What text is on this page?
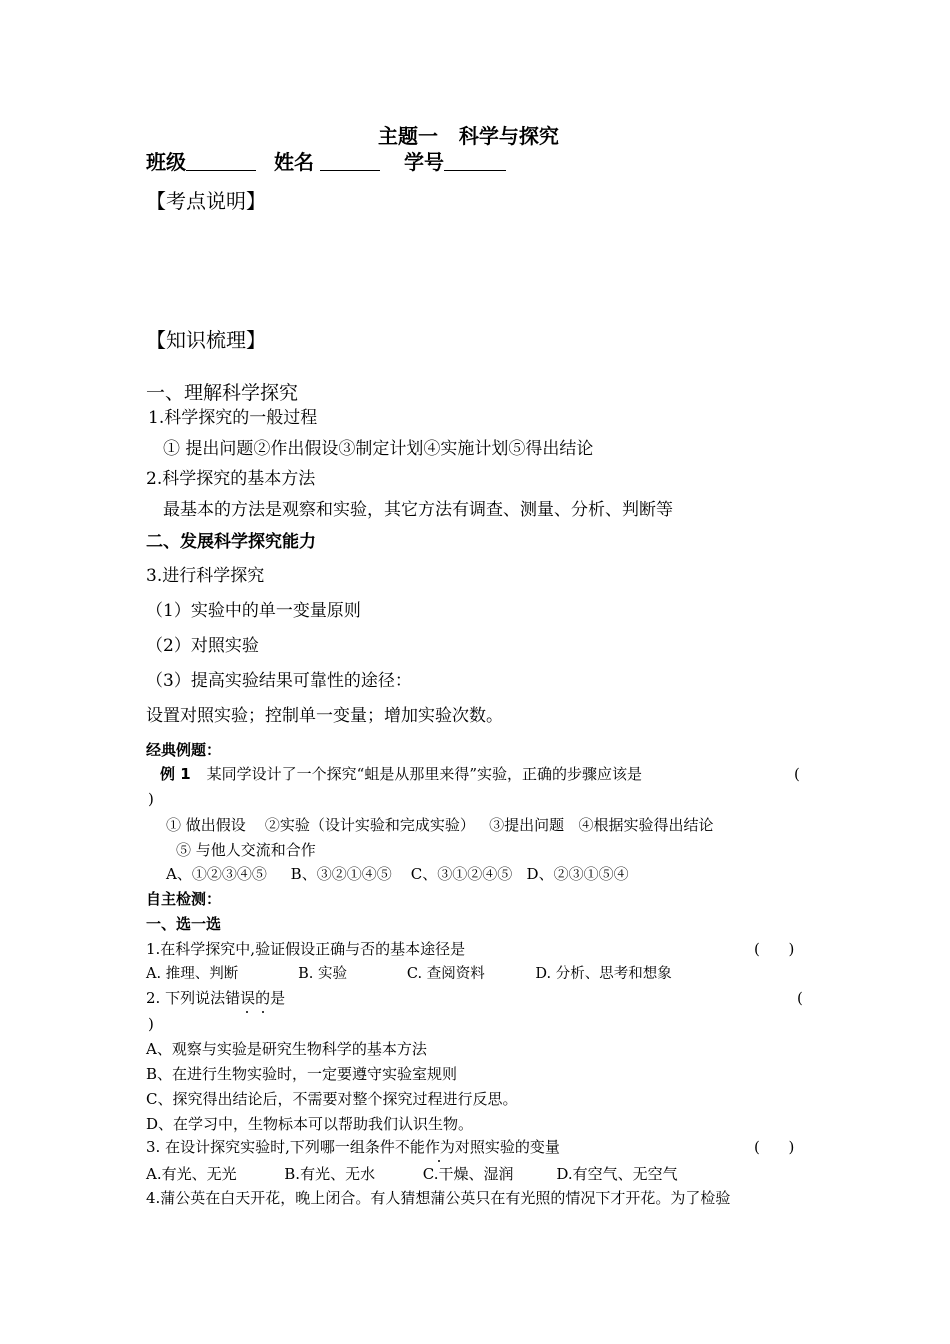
主题一   科学与探究
班级	姓名	学号
【考点说明】
【知识梳理】
一、理解科学探究
1.科学探究的一般过程
① 提出问题②作出假设③制定计划④实施计划⑤得出结论
2.科学探究的基本方法
最基本的方法是观察和实验，其它方法有调查、测量、分析、判断等
二、发展科学探究能力
3.进行科学探究
（1）实验中的单一变量原则
（2）对照实验
（3）提高实验结果可靠性的途径：
设置对照实验；控制单一变量；增加实验次数。
经典例题：
例 1 某同学设计了一个探究“蛆是从那里来得”实验，正确的步骤应该是	(
)
① 做出假设    ②实验（设计实验和完成实验）   ③提出问题   ④根据实验得出结论
⑤ 与他人交流和合作
A、①②③④⑤     B、③②①④⑤    C、③①②④⑤   D、②③①⑤④
自主检测：
一、选一选
1.在科学探究中,验证假设正确与否的基本途径是	(      )
A. 推理、判断             B. 实验             C. 查阅资料           D. 分析、思考和想象
2. 下列说法错误的是	(
)
A、观察与实验是研究生物科学的基本方法
B、在进行生物实验时，一定要遵守实验室规则
C、探究得出结论后，不需要对整个探究过程进行反思。
D、在学习中，生物标本可以帮助我们认识生物。
3. 在设计探究实验时,下列哪一组条件不能作为对照实验的变量	(      )
A.有光、无光          B.有光、无水          C.干燥、湿润         D.有空气、无空气
4.蒲公英在白天开花，晚上闭合。有人猜想蒲公英只在有光照的情况下才开花。为了检验
